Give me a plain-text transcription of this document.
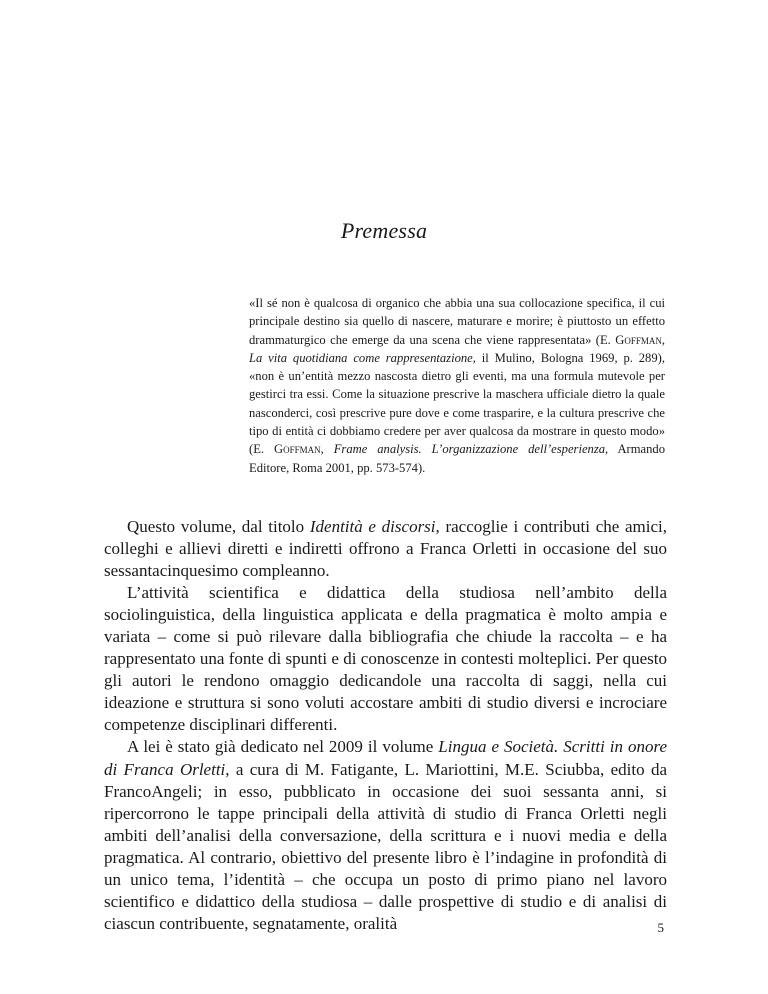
Premessa
«Il sé non è qualcosa di organico che abbia una sua collocazione specifica, il cui principale destino sia quello di nascere, maturare e morire; è piuttosto un effetto drammaturgico che emerge da una scena che viene rappresentata» (E. Goffman, La vita quotidiana come rappresentazione, il Mulino, Bologna 1969, p. 289), «non è un’entità mezzo nascosta dietro gli eventi, ma una formula mutevole per gestirci tra essi. Come la situazione prescrive la maschera ufficiale dietro la quale nasconderci, così prescrive pure dove e come trasparire, e la cultura prescrive che tipo di entità ci dobbiamo credere per aver qualcosa da mostrare in questo modo» (E. Goffman, Frame analysis. L’organizzazione dell’esperienza, Armando Editore, Roma 2001, pp. 573-574).

Questo volume, dal titolo Identità e discorsi, raccoglie i contributi che amici, colleghi e allievi diretti e indiretti offrono a Franca Orletti in occasione del suo sessantacinquesimo compleanno.

L’attività scientifica e didattica della studiosa nell’ambito della sociolinguistica, della linguistica applicata e della pragmatica è molto ampia e variata – come si può rilevare dalla bibliografia che chiude la raccolta – e ha rappresentato una fonte di spunti e di conoscenze in contesti molteplici. Per questo gli autori le rendono omaggio dedicandole una raccolta di saggi, nella cui ideazione e struttura si sono voluti accostare ambiti di studio diversi e incrociare competenze disciplinari differenti.

A lei è stato già dedicato nel 2009 il volume Lingua e Società. Scritti in onore di Franca Orletti, a cura di M. Fatigante, L. Mariottini, M.E. Sciubba, edito da FrancoAngeli; in esso, pubblicato in occasione dei suoi sessanta anni, si ripercorrono le tappe principali della attività di studio di Franca Orletti negli ambiti dell’analisi della conversazione, della scrittura e i nuovi media e della pragmatica. Al contrario, obiettivo del presente libro è l’indagine in profondità di un unico tema, l’identità – che occupa un posto di primo piano nel lavoro scientifico e didattico della studiosa – dalle prospettive di studio e di analisi di ciascun contribuente, segnatamente, oralità	5
